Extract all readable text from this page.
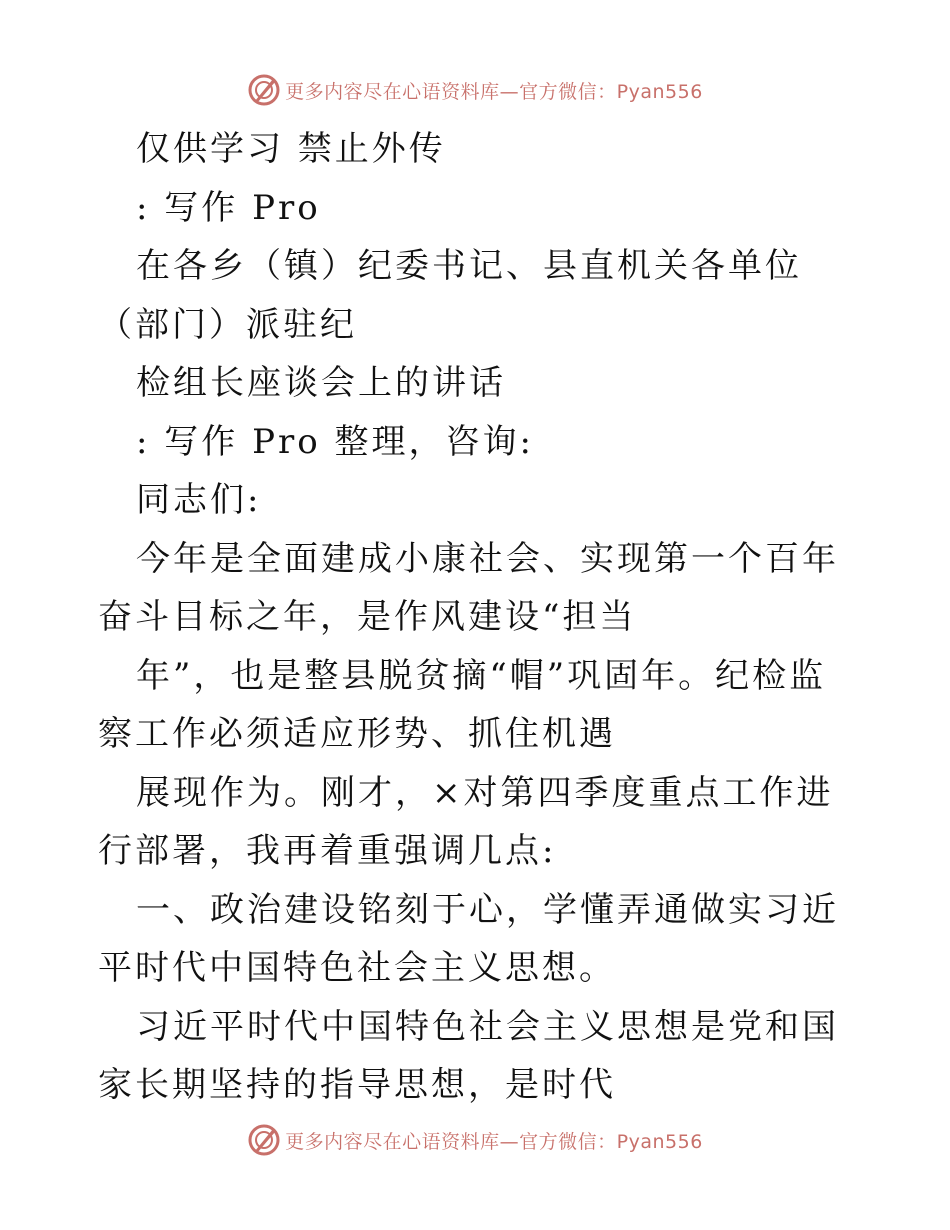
更多内容尽在心语资料库—官方微信：Pyan556

仅供学习 禁止外传

: 写作 Pro

在各乡（镇）纪委书记、县直机关各单位（部门）派驻纪

检组长座谈会上的讲话

: 写作 Pro 整理，咨询:

同志们:

今年是全面建成小康社会、实现第一个百年奋斗目标之年，是作风建设“担当

年”，也是整县脱贫摘“帽”巩固年。纪检监察工作必须适应形势、抓住机遇

展现作为。刚才，×对第四季度重点工作进行部署，我再着重强调几点:

一、政治建设铭刻于心，学懂弄通做实习近平时代中国特色社会主义思想。

习近平时代中国特色社会主义思想是党和国家长期坚持的指导思想，是时代

更多内容尽在心语资料库—官方微信：Pyan556
